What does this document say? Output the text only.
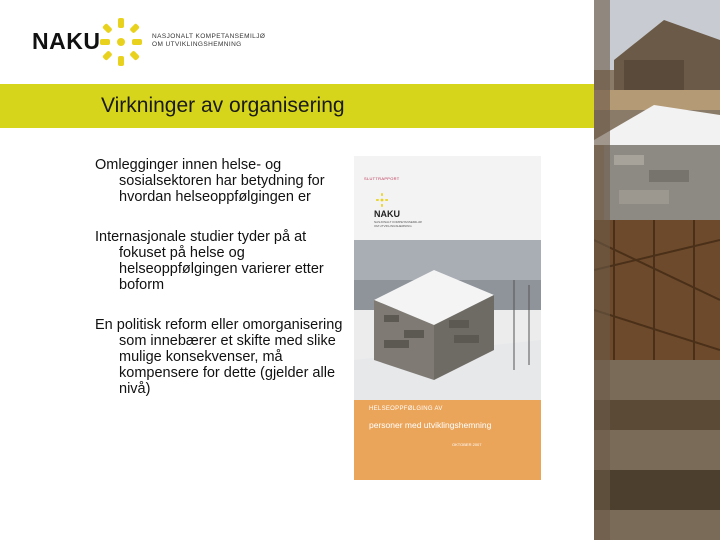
NAKU	NASJONALT KOMPETANSEMILJØ
OM UTVIKLINGSHEMNING
Virkninger av organisering
Omlegginger innen helse- og sosialsektoren har betydning for hvordan helseoppfølgingen er
Internasjonale studier tyder på at fokuset på helse og helseoppfølgingen varierer etter boform
En politisk reform eller omorganisering som innebærer et skifte med slike mulige konsekvenser, må kompensere for dette (gjelder alle nivå)
SLUTTRAPPORT
NAKU
NASJONALT KOMPETANSEMILJØ
OM UTVIKLINGSHEMNING
HELSEOPPFØLGING AV
personer med utviklingshemning
OKTOBER 2007
